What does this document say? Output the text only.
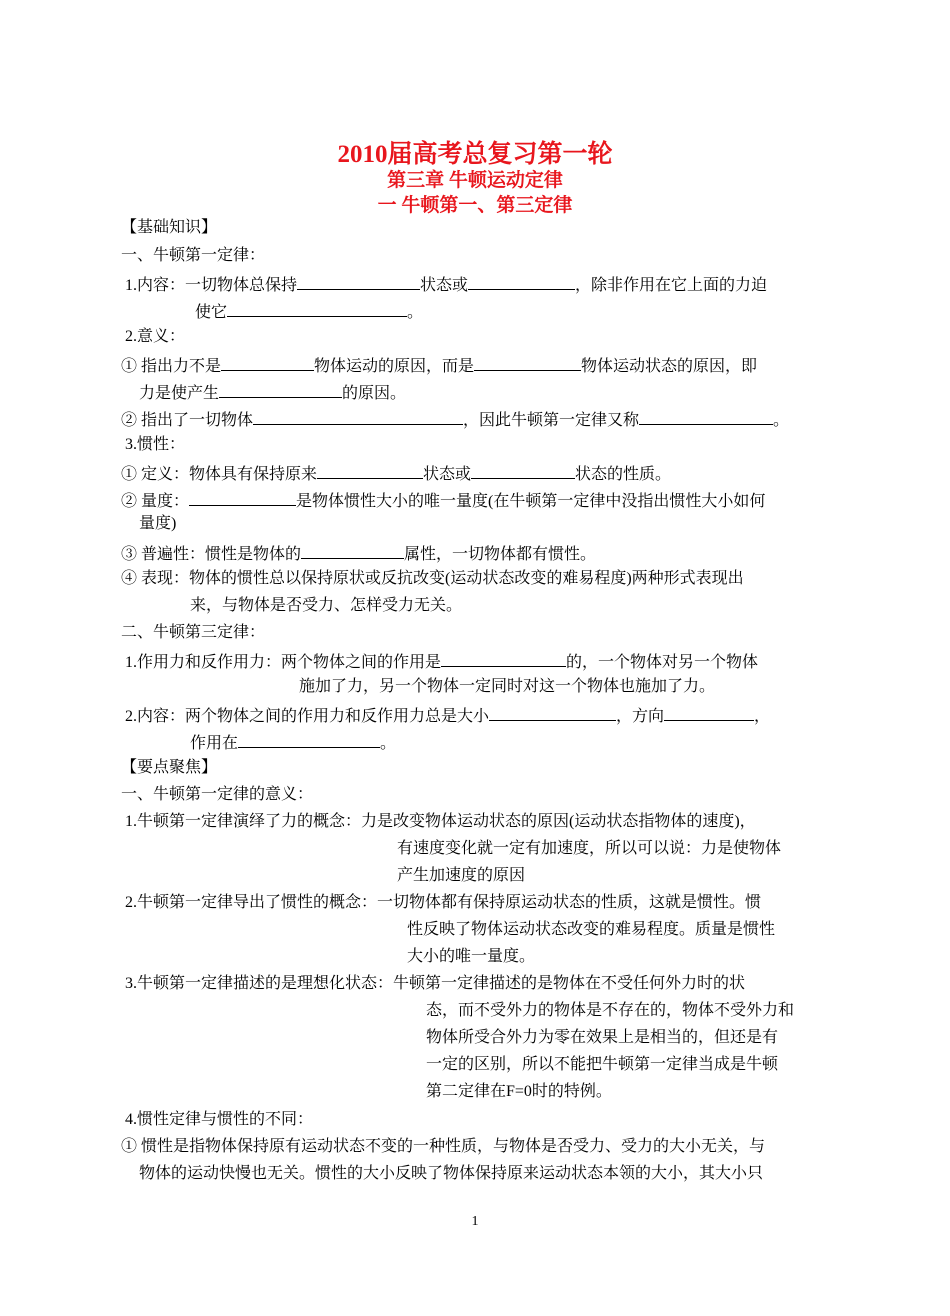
2010届高考总复习第一轮
第三章 牛顿运动定律
一 牛顿第一、第三定律
【基础知识】
一、牛顿第一定律：
1.内容：一切物体总保持	状态或	，除非作用在它上面的力迫
使它	。
2.意义：
① 指出力不是	物体运动的原因，而是	物体运动状态的原因，即
力是使产生	的原因。
② 指出了一切物体	，因此牛顿第一定律又称	。
3.惯性：
① 定义：物体具有保持原来	状态或	状态的性质。
② 量度：	是物体惯性大小的唯一量度(在牛顿第一定律中没指出惯性大小如何
量度)
③ 普遍性：惯性是物体的	属性，一切物体都有惯性。
④ 表现：物体的惯性总以保持原状或反抗改变(运动状态改变的难易程度)两种形式表现出
来，与物体是否受力、怎样受力无关。
二、牛顿第三定律：
1.作用力和反作用力：两个物体之间的作用是	的，一个物体对另一个物体
施加了力，另一个物体一定同时对这一个物体也施加了力。
2.内容：两个物体之间的作用力和反作用力总是大小	，方向	，
作用在	。
【要点聚焦】
一、牛顿第一定律的意义：
1.牛顿第一定律演绎了力的概念：力是改变物体运动状态的原因(运动状态指物体的速度)，
有速度变化就一定有加速度，所以可以说：力是使物体
产生加速度的原因
2.牛顿第一定律导出了惯性的概念：一切物体都有保持原运动状态的性质，这就是惯性。惯
性反映了物体运动状态改变的难易程度。质量是惯性
大小的唯一量度。
3.牛顿第一定律描述的是理想化状态：牛顿第一定律描述的是物体在不受任何外力时的状
态，而不受外力的物体是不存在的，物体不受外力和
物体所受合外力为零在效果上是相当的，但还是有
一定的区别，所以不能把牛顿第一定律当成是牛顿
第二定律在F=0时的特例。
4.惯性定律与惯性的不同：
① 惯性是指物体保持原有运动状态不变的一种性质，与物体是否受力、受力的大小无关，与
物体的运动快慢也无关。惯性的大小反映了物体保持原来运动状态本领的大小，其大小只
1
